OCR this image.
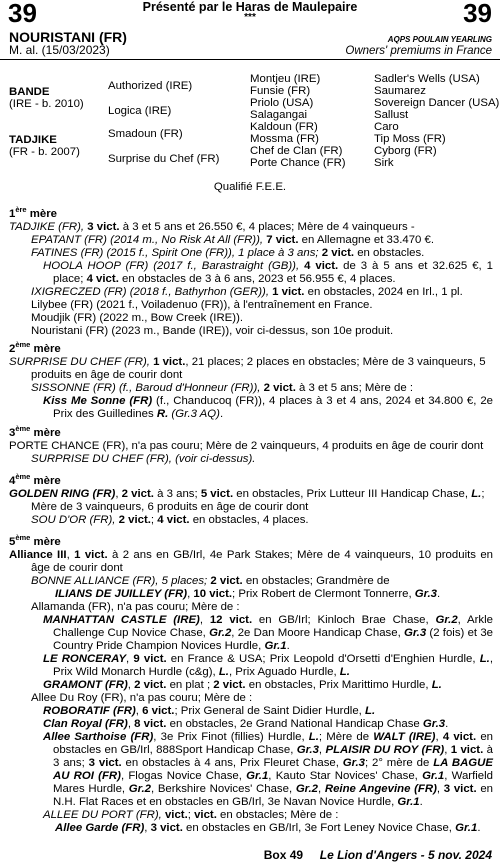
39	39
Présenté par le Haras de Maulepaire
***
NOURISTANI (FR)
M. al. (15/03/2023)
AQPS POULAIN YEARLING
Owners' premiums in France
BANDE
(IRE - b. 2010)
TADJIKE
(FR - b. 2007)
Authorized (IRE)
Logica (IRE)
Smadoun (FR)
Surprise du Chef (FR)
Montjeu (IRE)
Funsie (FR)
Priolo (USA)
Salagangai
Kaldoun (FR)
Mossma (FR)
Chef de Clan (FR)
Porte Chance (FR)
Sadler's Wells (USA)
Saumarez
Sovereign Dancer (USA)
Sallust
Caro
Tip Moss (FR)
Cyborg (FR)
Sirk
Qualifié F.E.E.

1ère mère

TADJIKE (FR), 3 vict. à 3 et 5 ans et 26.550 €, 4 places; Mère de 4 vainqueurs -

EPATANT (FR) (2014 m., No Risk At All (FR)), 7 vict. en Allemagne et 33.470 €.

FATINES (FR) (2015 f., Spirit One (FR)), 1 place à 3 ans; 2 vict. en obstacles.

HOOLA HOOP (FR) (2017 f., Barastraight (GB)), 4 vict. de 3 à 5 ans et 32.625 €, 1 place; 4 vict. en obstacles de 3 à 6 ans, 2023 et 56.955 €, 4 places.

IXIGRECZED (FR) (2018 f., Bathyrhon (GER)), 1 vict. en obstacles, 2024 en Irl., 1 pl.

Lilybee (FR) (2021 f., Voiladenuo (FR)), à l'entraînement en France.

Moudjik (FR) (2022 m., Bow Creek (IRE)).

Nouristani (FR) (2023 m., Bande (IRE)), voir ci-dessus, son 10e produit.

2ème mère

SURPRISE DU CHEF (FR), 1 vict., 21 places; 2 places en obstacles; Mère de 3 vainqueurs, 5 produits en âge de courir dont

SISSONNE (FR) (f., Baroud d'Honneur (FR)), 2 vict. à 3 et 5 ans; Mère de :

Kiss Me Sonne (FR) (f., Chanducoq (FR)), 4 places à 3 et 4 ans, 2024 et 34.800 €, 2e Prix des Guilledines R. (Gr.3 AQ).

3ème mère

PORTE CHANCE (FR), n'a pas couru; Mère de 2 vainqueurs, 4 produits en âge de courir dont

SURPRISE DU CHEF (FR), (voir ci-dessus).

4ème mère

GOLDEN RING (FR), 2 vict. à 3 ans; 5 vict. en obstacles, Prix Lutteur III Handicap Chase, L.; Mère de 3 vainqueurs, 6 produits en âge de courir dont

SOU D'OR (FR), 2 vict.; 4 vict. en obstacles, 4 places.

5ème mère

Alliance III, 1 vict. à 2 ans en GB/Irl, 4e Park Stakes; Mère de 4 vainqueurs, 10 produits en âge de courir dont

BONNE ALLIANCE (FR), 5 places; 2 vict. en obstacles; Grandmère de

ILIANS DE JUILLEY (FR), 10 vict.; Prix Robert de Clermont Tonnerre, Gr.3.

Allamanda (FR), n'a pas couru; Mère de :

MANHATTAN CASTLE (IRE), 12 vict. en GB/Irl; Kinloch Brae Chase, Gr.2, Arkle Challenge Cup Novice Chase, Gr.2, 2e Dan Moore Handicap Chase, Gr.3 (2 fois) et 3e Country Pride Champion Novices Hurdle, Gr.1.

LE RONCERAY, 9 vict. en France & USA; Prix Leopold d'Orsetti d'Enghien Hurdle, L., Prix Wild Monarch Hurdle (c&g), L., Prix Aguado Hurdle, L.

GRAMONT (FR), 2 vict. en plat ; 2 vict. en obstacles, Prix Marittimo Hurdle, L.

Allee Du Roy (FR), n'a pas couru; Mère de :

ROBORATIF (FR), 6 vict.; Prix General de Saint Didier Hurdle, L.

Clan Royal (FR), 8 vict. en obstacles, 2e Grand National Handicap Chase Gr.3.

Allee Sarthoise (FR), 3e Prix Finot (fillies) Hurdle, L.; Mère de WALT (IRE), 4 vict. en obstacles en GB/Irl, 888Sport Handicap Chase, Gr.3, PLAISIR DU ROY (FR), 1 vict. à 3 ans; 3 vict. en obstacles à 4 ans, Prix Fleuret Chase, Gr.3; 2° mère de LA BAGUE AU ROI (FR), Flogas Novice Chase, Gr.1, Kauto Star Novices' Chase, Gr.1, Warfield Mares Hurdle, Gr.2, Berkshire Novices' Chase, Gr.2, Reine Angevine (FR), 3 vict. en N.H. Flat Races et en obstacles en GB/Irl, 3e Navan Novice Hurdle, Gr.1.

ALLEE DU PORT (FR), vict.; vict. en obstacles; Mère de :

Allee Garde (FR), 3 vict. en obstacles en GB/Irl, 3e Fort Leney Novice Chase, Gr.1.

Box 49 Le Lion d'Angers - 5 nov. 2024
